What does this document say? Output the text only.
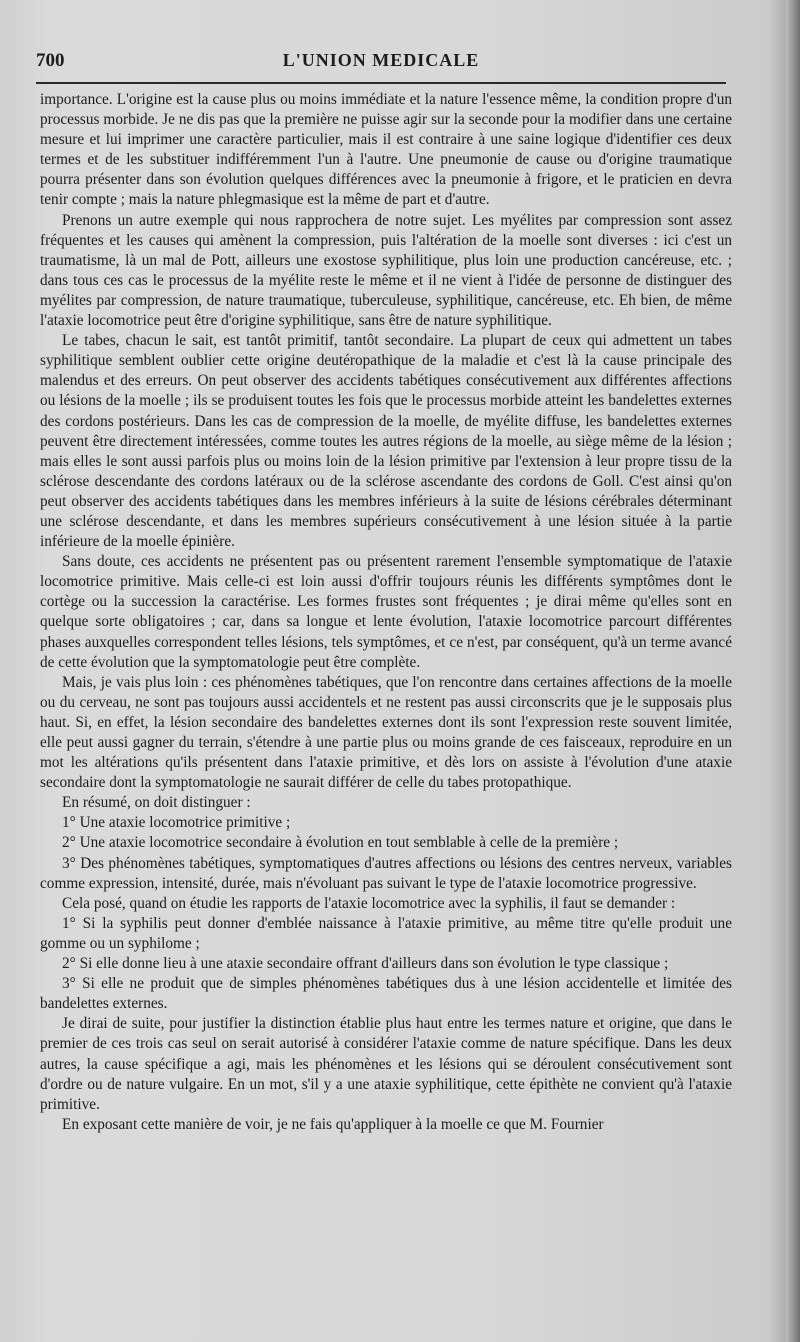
700	L'UNION MEDICALE

importance. L'origine est la cause plus ou moins immédiate et la nature l'essence même, la condition propre d'un processus morbide. Je ne dis pas que la première ne puisse agir sur la seconde pour la modifier dans une certaine mesure et lui imprimer une caractère particulier, mais il est contraire à une saine logique d'identifier ces deux termes et de les substituer indifféremment l'un à l'autre. Une pneumonie de cause ou d'origine traumatique pourra présenter dans son évolution quelques différences avec la pneumonie à frigore, et le praticien en devra tenir compte ; mais la nature phlegmasique est la même de part et d'autre.

Prenons un autre exemple qui nous rapprochera de notre sujet. Les myélites par compression sont assez fréquentes et les causes qui amènent la compression, puis l'altération de la moelle sont diverses : ici c'est un traumatisme, là un mal de Pott, ailleurs une exostose syphilitique, plus loin une production cancéreuse, etc. ; dans tous ces cas le processus de la myélite reste le même et il ne vient à l'idée de personne de distinguer des myélites par compression, de nature traumatique, tuberculeuse, syphilitique, cancéreuse, etc. Eh bien, de même l'ataxie locomotrice peut être d'origine syphilitique, sans être de nature syphilitique.

Le tabes, chacun le sait, est tantôt primitif, tantôt secondaire. La plupart de ceux qui admettent un tabes syphilitique semblent oublier cette origine deutéropathique de la maladie et c'est là la cause principale des malendus et des erreurs. On peut observer des accidents tabétiques consécutivement aux différentes affections ou lésions de la moelle ; ils se produisent toutes les fois que le processus morbide atteint les bandelettes externes des cordons postérieurs. Dans les cas de compression de la moelle, de myélite diffuse, les bandelettes externes peuvent être directement intéressées, comme toutes les autres régions de la moelle, au siège même de la lésion ; mais elles le sont aussi parfois plus ou moins loin de la lésion primitive par l'extension à leur propre tissu de la sclérose descendante des cordons latéraux ou de la sclérose ascendante des cordons de Goll. C'est ainsi qu'on peut observer des accidents tabétiques dans les membres inférieurs à la suite de lésions cérébrales déterminant une sclérose descendante, et dans les membres supérieurs consécutivement à une lésion située à la partie inférieure de la moelle épinière.

Sans doute, ces accidents ne présentent pas ou présentent rarement l'ensemble symptomatique de l'ataxie locomotrice primitive. Mais celle-ci est loin aussi d'offrir toujours réunis les différents symptômes dont le cortège ou la succession la caractérise. Les formes frustes sont fréquentes ; je dirai même qu'elles sont en quelque sorte obligatoires ; car, dans sa longue et lente évolution, l'ataxie locomotrice parcourt différentes phases auxquelles correspondent telles lésions, tels symptômes, et ce n'est, par conséquent, qu'à un terme avancé de cette évolution que la symptomatologie peut être complète.

Mais, je vais plus loin : ces phénomènes tabétiques, que l'on rencontre dans certaines affections de la moelle ou du cerveau, ne sont pas toujours aussi accidentels et ne restent pas aussi circonscrits que je le supposais plus haut. Si, en effet, la lésion secondaire des bandelettes externes dont ils sont l'expression reste souvent limitée, elle peut aussi gagner du terrain, s'étendre à une partie plus ou moins grande de ces faisceaux, reproduire en un mot les altérations qu'ils présentent dans l'ataxie primitive, et dès lors on assiste à l'évolution d'une ataxie secondaire dont la symptomatologie ne saurait différer de celle du tabes protopathique.

En résumé, on doit distinguer :

1° Une ataxie locomotrice primitive ;

2° Une ataxie locomotrice secondaire à évolution en tout semblable à celle de la première ;

3° Des phénomènes tabétiques, symptomatiques d'autres affections ou lésions des centres nerveux, variables comme expression, intensité, durée, mais n'évoluant pas suivant le type de l'ataxie locomotrice progressive.

Cela posé, quand on étudie les rapports de l'ataxie locomotrice avec la syphilis, il faut se demander :

1° Si la syphilis peut donner d'emblée naissance à l'ataxie primitive, au même titre qu'elle produit une gomme ou un syphilome ;

2° Si elle donne lieu à une ataxie secondaire offrant d'ailleurs dans son évolution le type classique ;

3° Si elle ne produit que de simples phénomènes tabétiques dus à une lésion accidentelle et limitée des bandelettes externes.

Je dirai de suite, pour justifier la distinction établie plus haut entre les termes nature et origine, que dans le premier de ces trois cas seul on serait autorisé à considérer l'ataxie comme de nature spécifique. Dans les deux autres, la cause spécifique a agi, mais les phénomènes et les lésions qui se déroulent consécutivement sont d'ordre ou de nature vulgaire. En un mot, s'il y a une ataxie syphilitique, cette épithète ne convient qu'à l'ataxie primitive.

En exposant cette manière de voir, je ne fais qu'appliquer à la moelle ce que M. Fournier
